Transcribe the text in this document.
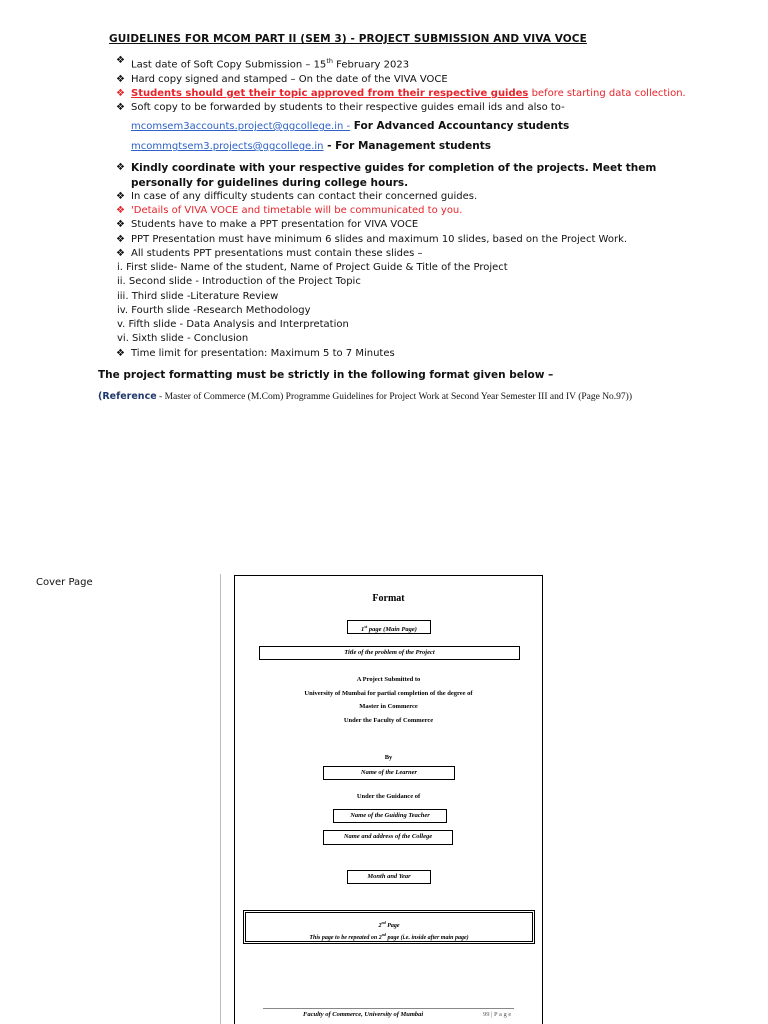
GUIDELINES FOR MCOM PART II (SEM 3) - PROJECT SUBMISSION AND VIVA VOCE
❖ Last date of Soft Copy Submission – 15th February 2023
❖ Hard copy signed and stamped – On the date of the VIVA VOCE
❖ Students should get their topic approved from their respective guides before starting data collection.
❖ Soft copy to be forwarded by students to their respective guides email ids and also to-
mcomsem3accounts.project@ggcollege.in - For Advanced Accountancy students
mcommgtsem3.projects@ggcollege.in - For Management students
❖ Kindly coordinate with your respective guides for completion of the projects. Meet them personally for guidelines during college hours.
❖ In case of any difficulty students can contact their concerned guides.
❖ 'Details of VIVA VOCE and timetable will be communicated to you.
❖ Students have to make a PPT presentation for VIVA VOCE
❖ PPT Presentation must have minimum 6 slides and maximum 10 slides, based on the Project Work.
❖ All students PPT presentations must contain these slides –
i. First slide- Name of the student, Name of Project Guide & Title of the Project
ii. Second slide - Introduction of the Project Topic
iii. Third slide -Literature Review
iv. Fourth slide -Research Methodology
v. Fifth slide - Data Analysis and Interpretation
vi. Sixth slide - Conclusion
❖ Time limit for presentation: Maximum 5 to 7 Minutes
The project formatting must be strictly in the following format given below –
(Reference - Master of Commerce (M.Com) Programme Guidelines for Project Work at Second Year Semester III and IV (Page No.97))
Cover Page
Format
1st page (Main Page)
Title of the problem of the Project
A Project Submitted to
University of Mumbai for partial completion of the degree of
Master in Commerce
Under the Faculty of Commerce
By
Name of the Learner
Under the Guidance of
Name of the Guiding Teacher
Name and address of the College
Month and Year
2nd Page
This page to be repeated on 2nd page (i.e. inside after main page)
Faculty of Commerce, University of Mumbai	99 | P a g e
